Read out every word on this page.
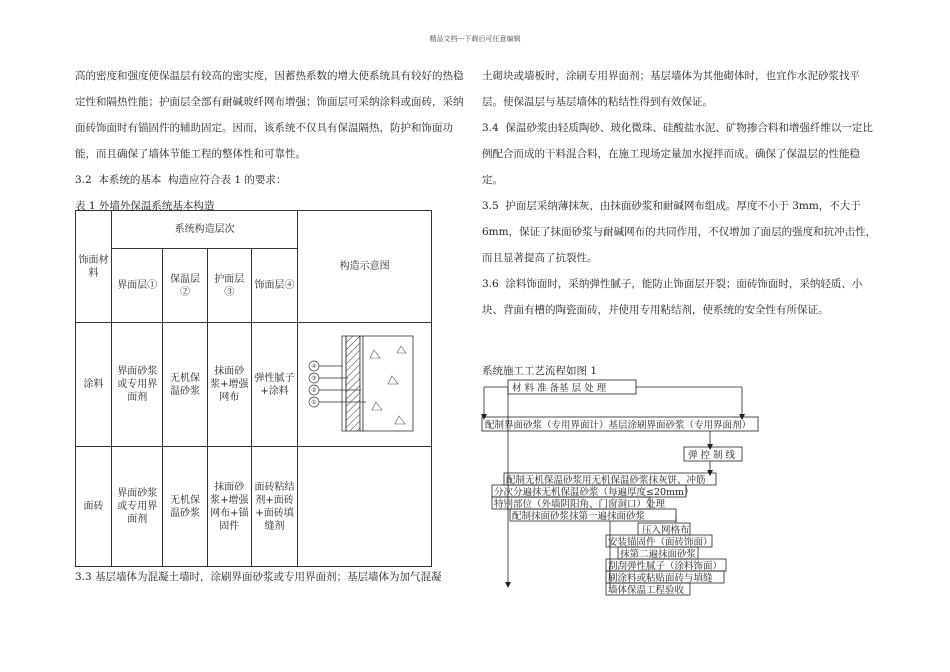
精品文档---下载后可任意编辑

高的密度和强度使保温层有较高的密实度，因蓄热系数的增大使系统具有较好的热稳定性和隔热性能；护面层全部有耐碱玻纤网布增强；饰面层可采纳涂料或面砖，采纳面砖饰面时有锚固件的辅助固定。因而，该系统不仅具有保温隔热，防护和饰面功能，而且确保了墙体节能工程的整体性和可靠性。

3.2  本系统的基本  构造应符合表 1 的要求：

表 1 外墙外保温系统基本构造

饰面材料	系统构造层次				构造示意图
	界面层①	保温层②	护面层③	饰面层④	
涂料	界面砂浆或专用界面剂	无机保温砂浆	抹面砂浆+增强网布	弹性腻子+涂料	④
③
②
①

面砖	界面砂浆或专用界面剂	无机保温砂浆	抹面砂浆+增强网布+锚固件	面砖粘结剂+面砖+面砖填缝剂	
3.3 基层墙体为混凝土墙时，涂刷界面砂浆或专用界面剂；基层墙体为加气混凝

土砌块或墙板时，涂刷专用界面剂；基层墙体为其他砌体时，也宜作水泥砂浆找平层。使保温层与基层墙体的粘结性得到有效保证。

3.4  保温砂浆由轻质陶砂、玻化微珠、硅酸盐水泥、矿物掺合料和增强纤维以一定比例配合而成的干料混合料，在施工现场定量加水搅拌而成。确保了保温层的性能稳定。

3.5  护面层采纳薄抹灰，由抹面砂浆和耐碱网布组成。厚度不小于 3mm，不大于6mm，保证了抹面砂浆与耐碱网布的共同作用，不仅增加了面层的强度和抗冲击性，而且显著提高了抗裂性。

3.6  涂料饰面时，采纳弹性腻子，能防止饰面层开裂；面砖饰面时，采纳轻质、小块、背面有槽的陶瓷面砖，并使用专用粘结剂，使系统的安全性有所保证。

系统施工工艺流程如图 1
材 料 准 备基 层 处 理
配制界面砂浆（专用界面计）基层涂刷界面砂浆（专用界面剂）
弹 控 制 线
配制无机保温砂浆用无机保温砂浆抹灰饼、冲筋
分次分遍抹无机保温砂浆（每遍厚度≤20mm）
特别部位（外墙阴阳角、门窗洞口）处理
配制抹面砂浆抹第一遍抹面砂浆
压入网格布
安装锚固件（面砖饰面）
抹第二遍抹面砂浆
刮刮弹性腻子（涂料饰面）
刷涂料或粘贴面砖与填缝
墙体保温工程验收
